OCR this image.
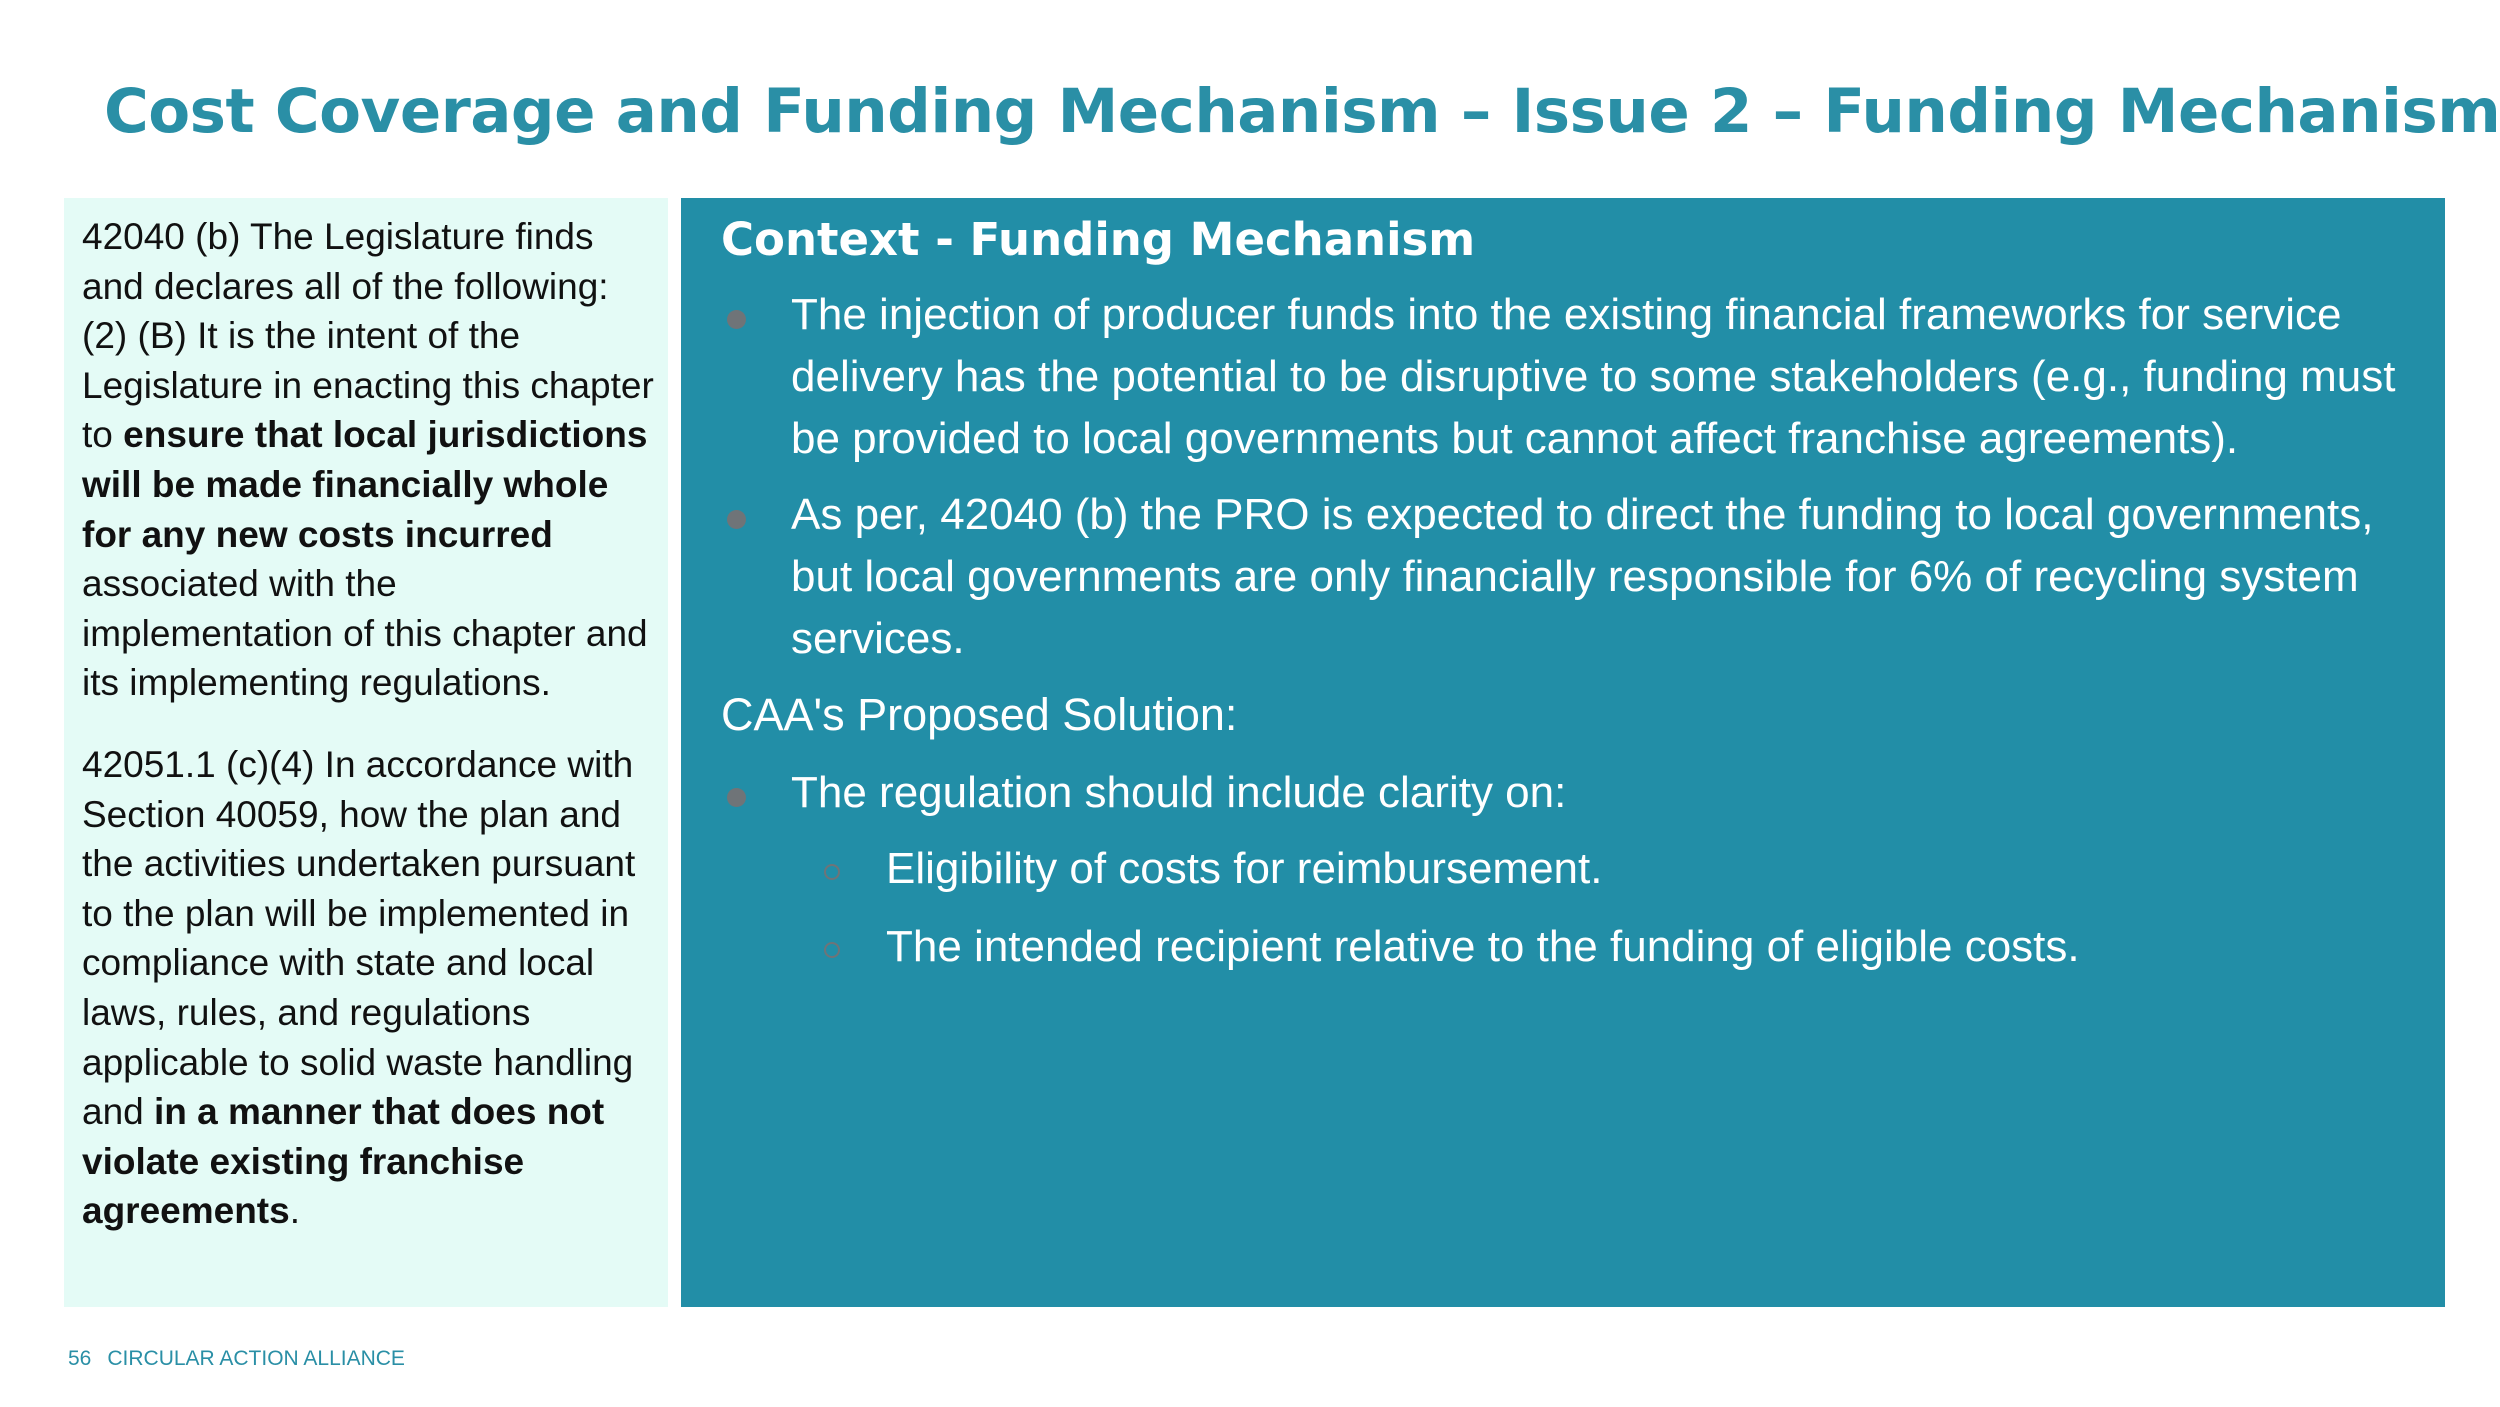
Cost Coverage and Funding Mechanism – Issue 2 – Funding Mechanism

42040 (b) The Legislature finds and declares all of the following: (2) (B) It is the intent of the Legislature in enacting this chapter to ensure that local jurisdictions will be made financially whole for any new costs incurred associated with the implementation of this chapter and its implementing regulations.

42051.1 (c)(4) In accordance with Section 40059, how the plan and the activities undertaken pursuant to the plan will be implemented in compliance with state and local laws, rules, and regulations applicable to solid waste handling and in a manner that does not violate existing franchise agreements.

Context - Funding Mechanism
The injection of producer funds into the existing financial frameworks for service delivery has the potential to be disruptive to some stakeholders (e.g., funding must be provided to local governments but cannot affect franchise agreements).
As per, 42040 (b) the PRO is expected to direct the funding to local governments, but local governments are only financially responsible for 6% of recycling system services.
CAA's Proposed Solution:
The regulation should include clarity on:
Eligibility of costs for reimbursement.
The intended recipient relative to the funding of eligible costs.
56 CIRCULAR ACTION ALLIANCE
